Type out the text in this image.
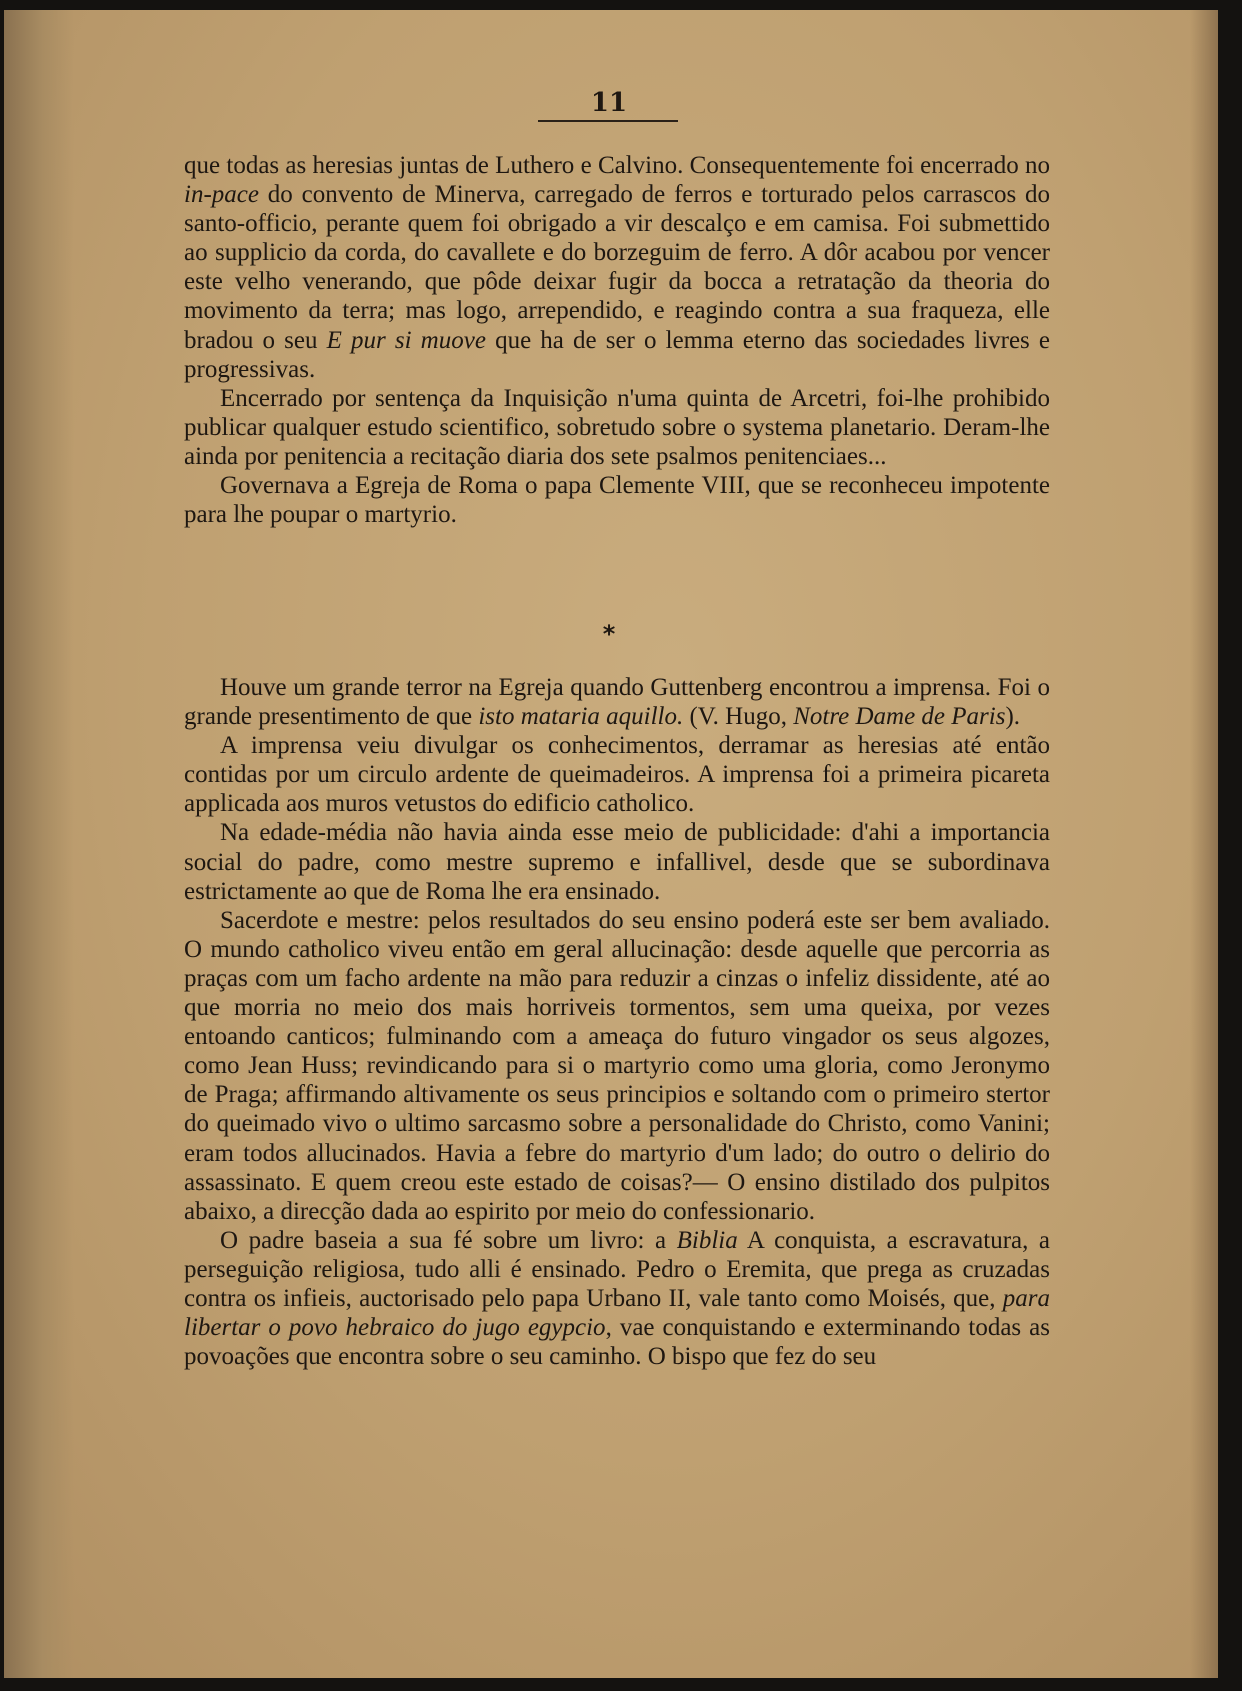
11

que todas as heresias juntas de Luthero e Calvino. Consequentemente foi encerrado no in-pace do convento de Minerva, carregado de ferros e torturado pelos carrascos do santo-officio, perante quem foi obrigado a vir descalço e em camisa. Foi submettido ao supplicio da corda, do cavallete e do borzeguim de ferro. A dôr acabou por vencer este velho venerando, que pôde deixar fugir da bocca a retratação da theoria do movimento da terra; mas logo, arrependido, e reagindo contra a sua fraqueza, elle bradou o seu E pur si muove que ha de ser o lemma eterno das sociedades livres e progressivas.

Encerrado por sentença da Inquisição n'uma quinta de Arcetri, foi-lhe prohibido publicar qualquer estudo scientifico, sobretudo sobre o systema planetario. Deram-lhe ainda por penitencia a recitação diaria dos sete psalmos penitenciaes...

Governava a Egreja de Roma o papa Clemente VIII, que se reconheceu impotente para lhe poupar o martyrio.

*

Houve um grande terror na Egreja quando Guttenberg encontrou a imprensa. Foi o grande presentimento de que isto mataria aquillo. (V. Hugo, Notre Dame de Paris).

A imprensa veiu divulgar os conhecimentos, derramar as heresias até então contidas por um circulo ardente de queimadeiros. A imprensa foi a primeira picareta applicada aos muros vetustos do edificio catholico.

Na edade-média não havia ainda esse meio de publicidade: d'ahi a importancia social do padre, como mestre supremo e infallivel, desde que se subordinava estrictamente ao que de Roma lhe era ensinado.

Sacerdote e mestre: pelos resultados do seu ensino poderá este ser bem avaliado. O mundo catholico viveu então em geral allucinação: desde aquelle que percorria as praças com um facho ardente na mão para reduzir a cinzas o infeliz dissidente, até ao que morria no meio dos mais horriveis tormentos, sem uma queixa, por vezes entoando canticos; fulminando com a ameaça do futuro vingador os seus algozes, como Jean Huss; revindicando para si o martyrio como uma gloria, como Jeronymo de Praga; affirmando altivamente os seus principios e soltando com o primeiro stertor do queimado vivo o ultimo sarcasmo sobre a personalidade do Christo, como Vanini; eram todos allucinados. Havia a febre do martyrio d'um lado; do outro o delirio do assassinato. E quem creou este estado de coisas?— O ensino distilado dos pulpitos abaixo, a direcção dada ao espirito por meio do confessionario.

O padre baseia a sua fé sobre um livro: a Biblia A conquista, a escravatura, a perseguição religiosa, tudo alli é ensinado. Pedro o Eremita, que prega as cruzadas contra os infieis, auctorisado pelo papa Urbano II, vale tanto como Moisés, que, para libertar o povo hebraico do jugo egypcio, vae conquistando e exterminando todas as povoações que encontra sobre o seu caminho. O bispo que fez do seu
